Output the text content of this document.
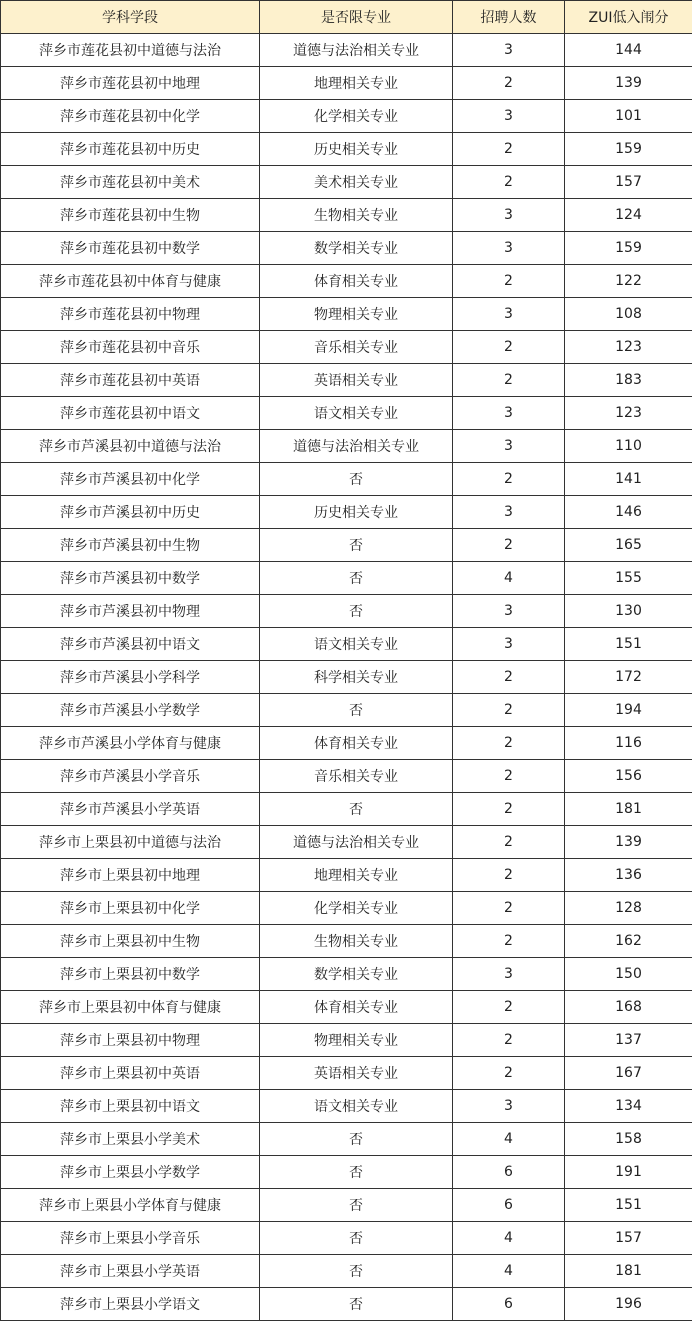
学科学段	是否限专业	招聘人数	ZUI低入闱分
萍乡市莲花县初中道德与法治	道德与法治相关专业	3	144
萍乡市莲花县初中地理	地理相关专业	2	139
萍乡市莲花县初中化学	化学相关专业	3	101
萍乡市莲花县初中历史	历史相关专业	2	159
萍乡市莲花县初中美术	美术相关专业	2	157
萍乡市莲花县初中生物	生物相关专业	3	124
萍乡市莲花县初中数学	数学相关专业	3	159
萍乡市莲花县初中体育与健康	体育相关专业	2	122
萍乡市莲花县初中物理	物理相关专业	3	108
萍乡市莲花县初中音乐	音乐相关专业	2	123
萍乡市莲花县初中英语	英语相关专业	2	183
萍乡市莲花县初中语文	语文相关专业	3	123
萍乡市芦溪县初中道德与法治	道德与法治相关专业	3	110
萍乡市芦溪县初中化学	否	2	141
萍乡市芦溪县初中历史	历史相关专业	3	146
萍乡市芦溪县初中生物	否	2	165
萍乡市芦溪县初中数学	否	4	155
萍乡市芦溪县初中物理	否	3	130
萍乡市芦溪县初中语文	语文相关专业	3	151
萍乡市芦溪县小学科学	科学相关专业	2	172
萍乡市芦溪县小学数学	否	2	194
萍乡市芦溪县小学体育与健康	体育相关专业	2	116
萍乡市芦溪县小学音乐	音乐相关专业	2	156
萍乡市芦溪县小学英语	否	2	181
萍乡市上栗县初中道德与法治	道德与法治相关专业	2	139
萍乡市上栗县初中地理	地理相关专业	2	136
萍乡市上栗县初中化学	化学相关专业	2	128
萍乡市上栗县初中生物	生物相关专业	2	162
萍乡市上栗县初中数学	数学相关专业	3	150
萍乡市上栗县初中体育与健康	体育相关专业	2	168
萍乡市上栗县初中物理	物理相关专业	2	137
萍乡市上栗县初中英语	英语相关专业	2	167
萍乡市上栗县初中语文	语文相关专业	3	134
萍乡市上栗县小学美术	否	4	158
萍乡市上栗县小学数学	否	6	191
萍乡市上栗县小学体育与健康	否	6	151
萍乡市上栗县小学音乐	否	4	157
萍乡市上栗县小学英语	否	4	181
萍乡市上栗县小学语文	否	6	196
